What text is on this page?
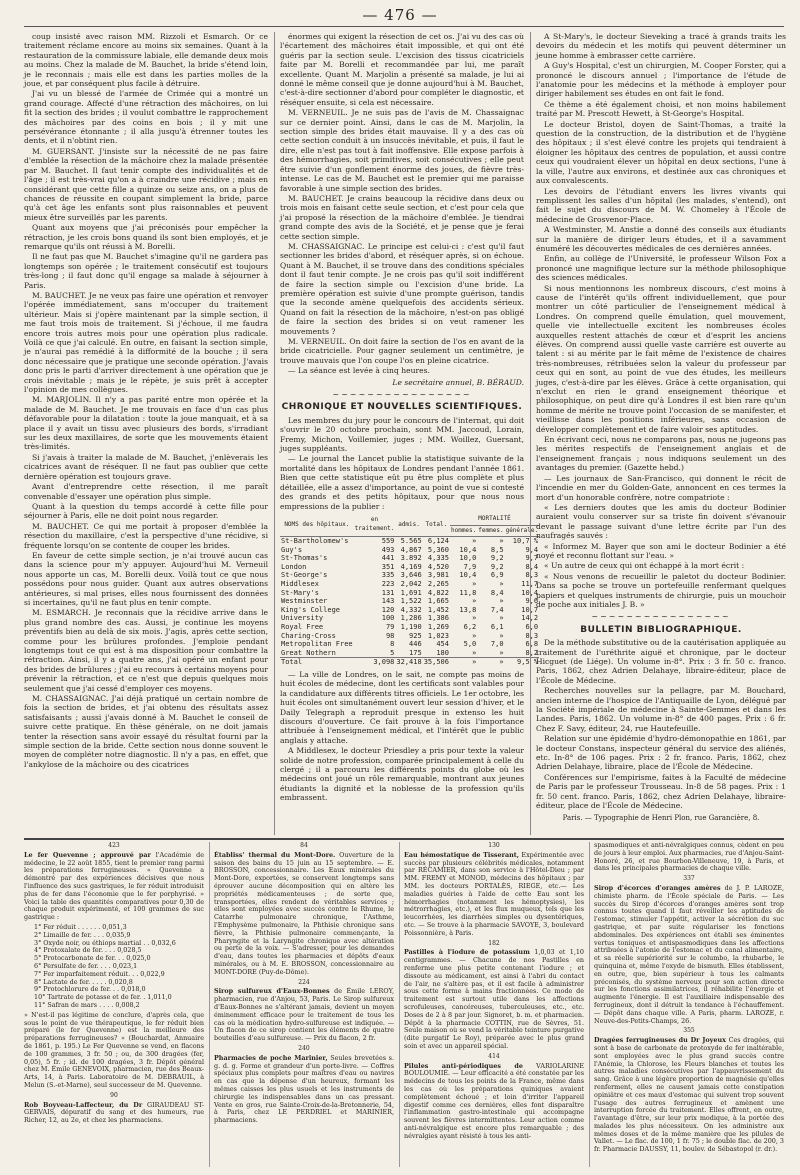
— 476 —

coup insisté avec raison MM. Rizzoli et Esmarch. Or ce traitement réclame encore au moins six semaines. Quant à la restauration de la commissure labiale, elle demande deux mois au moins. Chez la malade de M. Bauchet, la bride s'étend loin, je le reconnais ; mais elle est dans les parties molles de la joue, et par conséquent plus facile à détruire.

J'ai vu un blessé de l'armée de Crimée qui a montré un grand courage. Affecté d'une rétraction des mâchoires, on lui fit la section des brides ; il voulut combattre le rapprochement des mâchoires par des coins en bois ; il y mit une persévérance étonnante ; il alla jusqu'à étrenner toutes les dents, et il n'obtint rien.

M. GUERSANT. J'insiste sur la nécessité de ne pas faire d'emblée la résection de la mâchoire chez la malade présentée par M. Bauchet. Il faut tenir compte des individualités et de l'âge ; il est très-vrai qu'on a à craindre une récidive ; mais en considérant que cette fille a quinze ou seize ans, on a plus de chances de réussite en coupant simplement la bride, parce qu'à cet âge les enfants sont plus raisonnables et peuvent mieux être surveillés par les parents.

Quant aux moyens que j'ai préconisés pour empêcher la rétraction, je les crois bons quand ils sont bien employés, et je remarque qu'ils ont réussi à M. Borelli.

Il ne faut pas que M. Bauchet s'imagine qu'il ne gardera pas longtemps son opérée ; le traitement consécutif est toujours très-long ; il faut donc qu'il engage sa malade à séjourner à Paris.

M. BAUCHET. Je ne veux pas faire une opération et renvoyer l'opérée immédiatement, sans m'occuper du traitement ultérieur. Mais si j'opère maintenant par la simple section, il me faut trois mois de traitement. Si j'échoue, il me faudra encore trois autres mois pour une opération plus radicale. Voilà ce que j'ai calculé. En outre, en faisant la section simple, je n'aurai pas remédié à la difformité de la bouche ; il sera donc nécessaire que je pratique une seconde opération. J'avais donc pris le parti d'arriver directement à une opération que je crois inévitable ; mais je le répète, je suis prêt à accepter l'opinion de mes collègues.

M. MARJOLIN. Il n'y a pas parité entre mon opérée et la malade de M. Bauchet. Je me trouvais en face d'un cas plus défavorable pour la dilatation : toute la joue manquait, et à sa place il y avait un tissu avec plusieurs des bords, s'irradiant sur les deux maxillaires, de sorte que les mouvements étaient très-limités.

Si j'avais à traiter la malade de M. Bauchet, j'enlèverais les cicatrices avant de réséquer. Il ne faut pas oublier que cette dernière opération est toujours grave.

Avant d'entreprendre cette résection, il me paraît convenable d'essayer une opération plus simple.

Quant à la question du temps accordé à cette fille pour séjourner à Paris, elle ne doit point nous regarder.

M. BAUCHET. Ce qui me portait à proposer d'emblée la résection du maxillaire, c'est la perspective d'une récidive, si fréquente lorsqu'on se contente de couper les brides.

En faveur de cette simple section, je n'ai trouvé aucun cas dans la science pour m'y appuyer. Aujourd'hui M. Verneuil nous apporte un cas, M. Borelli deux. Voilà tout ce que nous possédons pour nous guider. Quant aux autres observations antérieures, si mal prises, elles nous fournissent des données si incertaines, qu'il ne faut plus en tenir compte.

M. ESMARCH. Je reconnais que la récidive arrive dans le plus grand nombre des cas. Aussi, je continue les moyens préventifs bien au delà de six mois. J'agis, après cette section, comme pour les brûlures profondes. J'emploie pendant longtemps tout ce qui est à ma disposition pour combattre la rétraction. Ainsi, il y a quatre ans, j'ai opéré un enfant pour des brides de brûlures ; j'ai eu recours à certains moyens pour prévenir la rétraction, et ce n'est que depuis quelques mois seulement que j'ai cessé d'employer ces moyens.

M. CHASSAIGNAC. J'ai déjà pratiqué un certain nombre de fois la section de brides, et j'ai obtenu des résultats assez satisfaisants ; aussi j'avais donné à M. Bauchet le conseil de suivre cette pratique. En thèse générale, on ne doit jamais tenter la résection sans avoir essayé du résultat fourni par la simple section de la bride. Cette section nous donne souvent le moyen de compléter notre diagnostic. Il n'y a pas, en effet, que l'ankylose de la mâchoire ou des cicatrices

énormes qui exigent la résection de cet os. J'ai vu des cas où l'écartement des mâchoires était impossible, et qui ont été guéris par la section seule. L'excision des tissus cicatriciels faite par M. Borelli et recommandée par lui, me paraît excellente. Quant M. Marjolin a présenté sa malade, je lui ai donné le même conseil que je donne aujourd'hui à M. Bauchet, c'est-à-dire sectionner d'abord pour compléter le diagnostic, et réséquer ensuite, si cela est nécessaire.

M. VERNEUIL. Je ne suis pas de l'avis de M. Chassaignac sur ce dernier point. Ainsi, dans le cas de M. Marjolin, la section simple des brides était mauvaise. Il y a des cas où cette section conduit à un insuccès inévitable, et puis, il faut le dire, elle n'est pas tout à fait inoffensive. Elle expose parfois à des hémorrhagies, soit primitives, soit consécutives ; elle peut être suivie d'un gonflement énorme des joues, de fièvre très-intense. Le cas de M. Bauchet est le premier qui me paraisse favorable à une simple section des brides.

M. BAUCHET. Je crains beaucoup la récidive dans deux ou trois mois en faisant cette seule section, et c'est pour cela que j'ai proposé la résection de la mâchoire d'emblée. Je tiendrai grand compte des avis de la Société, et je pense que je ferai cette section simple.

M. CHASSAIGNAC. Le principe est celui-ci : c'est qu'il faut sectionner les brides d'abord, et réséquer après, si on échoue. Quant à M. Bauchet, il se trouve dans des conditions spéciales dont il faut tenir compte. Je ne crois pas qu'il soit indifférent de faire la section simple ou l'excision d'une bride. La première opération est suivie d'une prompte guérison, tandis que la seconde amène quelquefois des accidents sérieux. Quand on fait la résection de la mâchoire, n'est-on pas obligé de faire la section des brides si on veut ramener les mouvements ?

M. VERNEUIL. On doit faire la section de l'os en avant de la bride cicatricielle. Pour gagner seulement un centimètre, je trouve mauvais que l'on coupe l'os en pleine cicatrice.

— La séance est levée à cinq heures.

Le secrétaire annuel, B. BÉRAUD.
~~~~~~~~~~~~~~~~
CHRONIQUE ET NOUVELLES SCIENTIFIQUES.

Les membres du jury pour le concours de l'internat, qui doit s'ouvrir le 20 octobre prochain, sont MM. Jaccoud, Lorain, Fremy, Michon, Voillemier, juges ; MM. Woillez, Guersant, juges suppléants.

— Le journal the Lancet publie la statistique suivante de la mortalité dans les hôpitaux de Londres pendant l'année 1861. Bien que cette statistique eût pu être plus complète et plus détaillée, elle a assez d'importance, au point de vue si contesté des grands et des petits hôpitaux, pour que nous nous empressions de la publier :

NOMS des hôpitaux.	en traitement.	admis.	Total.	MORTALITÉ		
				hommes.	femmes.	générale.
St-Bartholomew's	559	5.565	6,124	»	»	10,7 %
Guy's	493	4,867	5,360	10,4	8,5	9,4
St-Thomas's	441	3.892	4,335	10,0	9,2	9,7
London	351	4,169	4,520	7,9	9,2	8,4
St-George's	335	3,646	3,981	10,4	6,9	8,3
Middlesex	223	2,042	2,265	»	»	11,7
St-Mary's	131	1,691	4,822	11,8	8,4	10,4
Westminster	143	1,522	1,665	»	»	9,6
King's College	120	4,332	1,452	13,8	7,4	10,7
University	100	1,286	1,386	»	»	14,2
Royal Free	79	1,190	1,269	6,2	6,1	6,0
Charing-Cross	98	925	1,023	»	»	8,3
Metropolitan Free	8	446	454	5,0	7,0	6,8
Great Nothern	5	175	180	»	»	8,2
Total	3,098	32,418	35,506	»	»	9,5 %

— La ville de Londres, on le sait, ne compte pas moins de huit écoles de médecine, dont les certificats sont valables pour la candidature aux différents titres officiels. Le 1er octobre, les huit écoles ont simultanément ouvert leur session d'hiver, et le Daily Telegraph a reproduit presque in extenso les huit discours d'ouverture. Ce fait prouve à la fois l'importance attribuée à l'enseignement médical, et l'intérêt que le public anglais y attache.

A Middlesex, le docteur Priesdley a pris pour texte la valeur solide de notre profession, comparée principalement à celle du clergé ; il a parcouru les différents points du globe où les médecins ont joué un rôle remarquable, montrant aux jeunes étudiants la dignité et la noblesse de la profession qu'ils embrassent.

A St-Mary's, le docteur Sieveking a tracé à grands traits les devoirs du médecin et les motifs qui peuvent déterminer un jeune homme à embrasser cette carrière.

A Guy's Hospital, c'est un chirurgien, M. Cooper Forster, qui a prononcé le discours annuel ; l'importance de l'étude de l'anatomie pour les médecins et la méthode à employer pour diriger habilement ses études en ont fait le fond.

Ce thème a été également choisi, et non moins habilement traité par M. Prescott Hewett, à St-George's Hospital.

Le docteur Bristol, doyen de Saint-Thomas, a traité la question de la construction, de la distribution et de l'hygiène des hôpitaux ; il s'est élevé contre les projets qui tendraient à éloigner les hôpitaux des centres de population, et aussi contre ceux qui voudraient élever un hôpital en deux sections, l'une à la ville, l'autre aux environs, et destinée aux cas chroniques et aux convalescents.

Les devoirs de l'étudiant envers les livres vivants qui remplissent les salles d'un hôpital (les malades, s'entend), ont fait le sujet du discours de M. W. Chomeley à l'École de médecine de Grosvenor-Place.

A Westminster, M. Anstie a donné des conseils aux étudiants sur la manière de diriger leurs études, et il a savamment énuméré les découvertes médicales de ces dernières années.

Enfin, au collège de l'Université, le professeur Wilson Fox a prononcé une magnifique lecture sur la méthode philosophique des sciences médicales.

Si nous mentionnons les nombreux discours, c'est moins à cause de l'intérêt qu'ils offrent individuellement, que pour montrer un côté particulier de l'enseignement médical à Londres. On comprend quelle émulation, quel mouvement, quelle vie intellectuelle excitent les nombreuses écoles auxquelles restent attachés de cœur et d'esprit les anciens élèves. On comprend aussi quelle vaste carrière est ouverte au talent : si au mérite par le fait même de l'existence de chaires très-nombreuses, rétribuées selon la valeur du professeur par ceux qui en sont, au point de vue des études, les meilleurs juges, c'est-à-dire par les élèves. Grâce à cette organisation, qui n'exclut en rien le grand enseignement théorique et philosophique, on peut dire qu'à Londres il est bien rare qu'un homme de mérite ne trouve point l'occasion de se manifester, et vieillisse dans les positions inférieures, sans occasion de développer complètement et de faire valoir ses aptitudes.

En écrivant ceci, nous ne comparons pas, nous ne jugeons pas les mérites respectifs de l'enseignement anglais et de l'enseignement français ; nous indiquons seulement un des avantages du premier. (Gazette hebd.)

— Les journaux de San-Francisco, qui donnent le récit de l'incendie en mer du Golden-Gate, annoncent en ces termes la mort d'un honorable confrère, notre compatriote :

« Les derniers doutes que les amis du docteur Bodinier auraient voulu conserver sur sa triste fin doivent s'évanouir devant le passage suivant d'une lettre écrite par l'un des naufragés sauvés :

« Informez M. Bayer que son ami le docteur Bodinier a été noyé et reconnu flottant sur l'eau. »

« Un autre de ceux qui ont échappé à la mort écrit :

« Nous venons de recueillir le paletot du docteur Bodinier. Dans sa poche se trouve un portefeuille renfermant quelques papiers et quelques instruments de chirurgie, puis un mouchoir de poche aux initiales J. B. »

~~~~~~~~~~~~~~~~
BULLETIN BIBLIOGRAPHIQUE.

De la méthode substitutive ou de la cautérisation appliquée au traitement de l'uréthrite aiguë et chronique, par le docteur Hicguet (de Liége). Un volume in-8°. Prix : 3 fr. 50 c. franco. Paris, 1862, chez Adrien Delahaye, libraire-éditeur, place de l'École de Médecine.

Recherches nouvelles sur la pellagre, par M. Bouchard, ancien interne de l'hospice de l'Antiquaille de Lyon, délégué par la Société impériale de médecine à Sainte-Gemmes et dans les Landes. Paris, 1862. Un volume in-8° de 400 pages. Prix : 6 fr. Chez F. Savy, éditeur, 24, rue Hautefeuille.

Relation sur une épidémie d'hydro-démonopathie en 1861, par le docteur Constans, inspecteur général du service des aliénés, etc. In-8° de 106 pages. Prix : 2 fr. franco. Paris, 1862, chez Adrien Delahaye, libraire, place de l'École de Médecine.

Conférences sur l'empirisme, faites à la Faculté de médecine de Paris par le professeur Trousseau. In-8 de 58 pages. Prix : 1 fr. 50 cent. franco. Paris, 1862, chez Adrien Delahaye, libraire-éditeur, place de l'École de Médecine.

Paris. — Typographie de Henri Plon, rue Garancière, 8.
423

Le fer Quevenne ; approuvé par l'Académie de médecine, le 22 août 1855, tient le premier rang parmi les préparations ferrugineuses. « Quevenne a démontré par des expériences décisives que nous l'influence des sucs gastriques, le fer réduit introduisit plus de fer dans l'économie que le fer porphyrisé. » Voici la table des quantités comparatives pour 0,30 de chaque produit expérimenté, et 100 grammes de suc gastrique :

1° Fer réduit . . . . . . 0,051,3
2° Limaille de fer. . . . 0,035,9
3° Oxyde noir, ou éthiops martial . . 0,032,6
4° Protoxalate de fer. . . . 0,028,5
5° Protocarbonate de fer. . . 0,025,0
6° Persulfate de fer. . . . 0,023,1
7° Fer imparfaitement réduit. . . 0,022,9
8° Lactate de fer. . . . . 0,020,8
9° Protochlorure de fer. . . 0,018,0
10° Tartrate de potasse et de fer. . 1,011,0
11° Safran de mars . . . . 0,008,2

» N'est-il pas légitime de conclure, d'après cela, que sous le point de vue thérapeutique, le fer réduit bien préparé (le fer Quevenne) est la meilleure des préparations ferrugineuses? » (Bouchardat, Annuaire de 1861, p. 195.) Le Fer Quevenne se vend, en flacons de 100 grammes, 3 fr. 50 ; ou, de 300 dragées (fer, 0,05), 5 fr. ; id. de 100 dragées, 3 fr. Dépôt général chez M. Émile GENEVOIX, pharmacien, rue des Beaux-Arts, 14, à Paris. Laboratoire de M. DEBRAUIL, à Melun (S.-et-Marne), seul successeur de M. Quevenne.

90

Rob Boyveau-Laffecteur, du Dr GIRAUDEAU ST-GERVAIS, dépuratif du sang et des humeurs, rue Richer, 12, au 2e, et chez les pharmaciens.

84

Établiss' thermal du Mont-Dore. Ouverture de la saison des bains du 15 juin au 15 septembre. — E. BROSSON, concessionnaire. Les Eaux minérales du Mont-Dore, exportées, se conservent longtemps sans éprouver aucune décomposition qui en altère les propriétés médicamenteuses ; de sorte que, transportées, elles rendent de véritables services ; elles sont employées avec succès contre le Rhume, le Catarrhe pulmonaire chronique, l'Asthme, l'Emphysème pulmonaire, la Phthisie chronique sans fièvre, la Phthisie pulmonaire commençante, la Pharyngite et la Laryngite chronique avec altération ou perte de la voix. — S'adresser, pour les demandes d'eau, dans toutes les pharmacies et dépôts d'eaux minérales, ou à M. E. BROSSON, concessionnaire au MONT-DORE (Puy-de-Dôme).

224

Sirop sulfureux d'Eaux-Bonnes de Émile LEROY, pharmacien, rue d'Anjou, 53, Paris. Le Sirop sulfureux d'Eaux-Bonnes ne s'altérant jamais, devient un moyen éminemment efficace pour le traitement de tous les cas où la médication hydro-sulfureuse est indiquée. — Un flacon de ce sirop contient les éléments de quatre bouteilles d'eau sulfureuse. — Prix du flacon, 2 fr.

240

Pharmacies de poche Marinier, Seules brevetées s. g. d. g. Forme et grandeur d'un porte-livre. — Coffres spéciaux plus complets pour maîtres d'eau ou navires en cas que la dépense d'un heureux, formant les mêmes caisses les plus usuels et les instruments de chirurgie les indispensables dans un cas pressant. Vente en gros, rue Sainte-Croix-de-la-Bretonnerie, 54, à Paris, chez LE PERDRIEL et MARINIER, pharmaciens.

130

Eau hémostatique de Tisserant, Expérimentée avec succès par plusieurs célébrités médicales, notamment par RÉCAMIER, dans son service à l'Hôtel-Dieu ; par MM. FREMY et MONOD, médecins des hôpitaux ; par MM. les docteurs PORTALÈS, RIEGE, etc.— Les maladies guéries à l'aide de cette Eau sont les hémorrhagies (notamment les hémoptysies), les métrorrhagies, etc.), et les flux muqueux, tels que les leucorrhées, les diarrhées simples ou dysentériques, etc. — Se trouve à la pharmacie SAVOYE, 3, boulevard Poissonnière, à Paris.

182

Pastilles à l'iodure de potassium 1,0,03 et 1,10 centigrammes. — Chacune de nos Pastilles en renferme une plus petite contenant l'iodure ; et dissoute au médicament, est ainsi à l'abri du contact de l'air, ne s'altère pas, et il est facile à administrer sous cette forme à mains fractionnées. Ce mode de traitement est surtout utile dans les affections scrofuleuses, cancéreuses, tuberculeuses, etc., etc. Doses de 2 à 8 par jour. Signoret, b. m. et pharmacien. Dépôt à la pharmacie COTTIN, rue de Sèvres, 51. Seule maison où se vend la véritable teinture purgative (dite purgatif Le Roy), préparée avec le plus grand soin et avec un appareil spécial.

414

Pilules anti-périodiques de VARIOLARINE BOULOUMIÉ. — Leur efficacité a été constatée par les médecins de tous les points de la France, même dans les cas où les préparations quiniques avaient complètement échoué ; et loin d'irriter l'appareil digestif comme ces dernières, elles font disparaître l'inflammation gastro-intestinale qui accompagne souvent les fièvres intermittentes. Leur action comme anti-névralgique est encore plus remarquable ; des névralgies ayant résisté à tous les anti-

spasmodiques et anti-névralgiques connus, cèdent en peu de jours à leur emploi. Aux pharmacies, rue d'Anjou-Saint-Honoré, 26, et rue Bourbon-Villeneuve, 19, à Paris, et dans les principales pharmacies de chaque ville.

337

Sirop d'écorces d'oranges amères de J. P. LAROZE, chimiste pharm. de l'École spéciale de Paris. — Les succès du Sirop d'écorces d'oranges amères sont trop connus toutes quand il faut réveiller les aptitudes de l'estomac, stimuler l'appétit, activer la sécrétion du suc gastrique, et par suite régulariser les fonctions abdominales. Des expériences ont établi ses éminentes vertus toniques et antispasmodiques dans les affections attribuées à l'atonie de l'estomac et du canal alimentaire, et sa réelle supériorité sur le columbo, la rhubarbe, le quinquina et, même l'oxyde de bismuth. Elles établissent, en outre, que, bien supérieur à tous les calmants préconisés, du système nerveux pour son action directe sur les fonctions assimilatrices, il réhabilite l'énergie et augmente l'énergie. Il est l'auxiliaire indispensable des ferrugineux, dont il détruit la tendance à l'échauffement. — Dépôt dans chaque ville. A Paris, pharm. LAROZE, r. Neuve-des-Petits-Champs, 26.

355

Dragées ferrugineuses du Dr Joyeux Ces dragées, qui sont à base de carbonate de protoxyde de fer inaltérable, sont employées avec le plus grand succès contre l'Anémie, la Chlorose, les Fleurs blanches et toutes les autres maladies consécutives par l'appauvrissement du sang. Grâce à une légère proportion de magnésie qu'elles renferment, elles ne causent jamais cette constipation opiniâtre et ces maux d'estomac qui suivent trop souvent l'usage des autres ferrugineux et amènent une interruption forcée du traitement. Elles offrent, en outre, l'avantage d'être, sur leur prix modique, à la portée des malades les plus nécessiteux. On les administre aux mêmes doses et de la même manière que les pilules de Vallet. — Le flac. de 100, 1 fr. 75 ; le double flac. de 200, 3 fr. Pharmacie DAUSSY, 11, boulev. de Sébastopol (r. dr.).
